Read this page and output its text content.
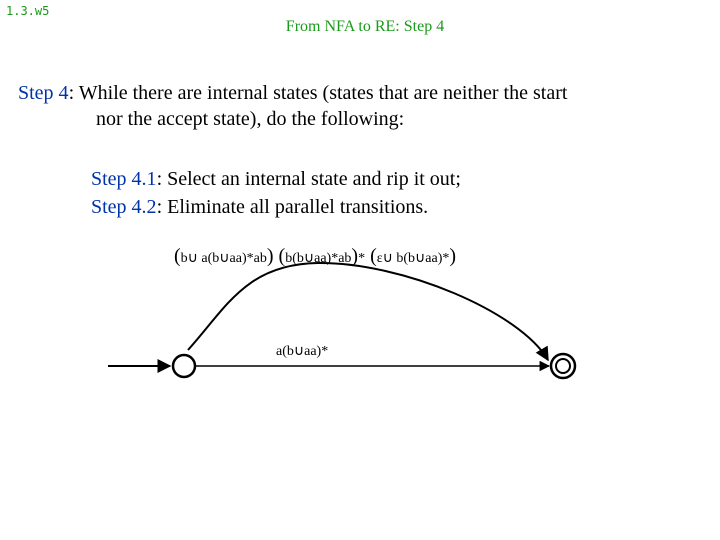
1.3.w5
From NFA to RE: Step 4
Step 4: While there are internal states (states that are neither the start
nor the accept state), do the following:
Step 4.1: Select an internal state and rip it out;
Step 4.2: Eliminate all parallel transitions.
(b∪ a(b∪aa)*ab) (b(b∪aa)*ab)* (ε∪ b(b∪aa)*)
a(b∪aa)*
